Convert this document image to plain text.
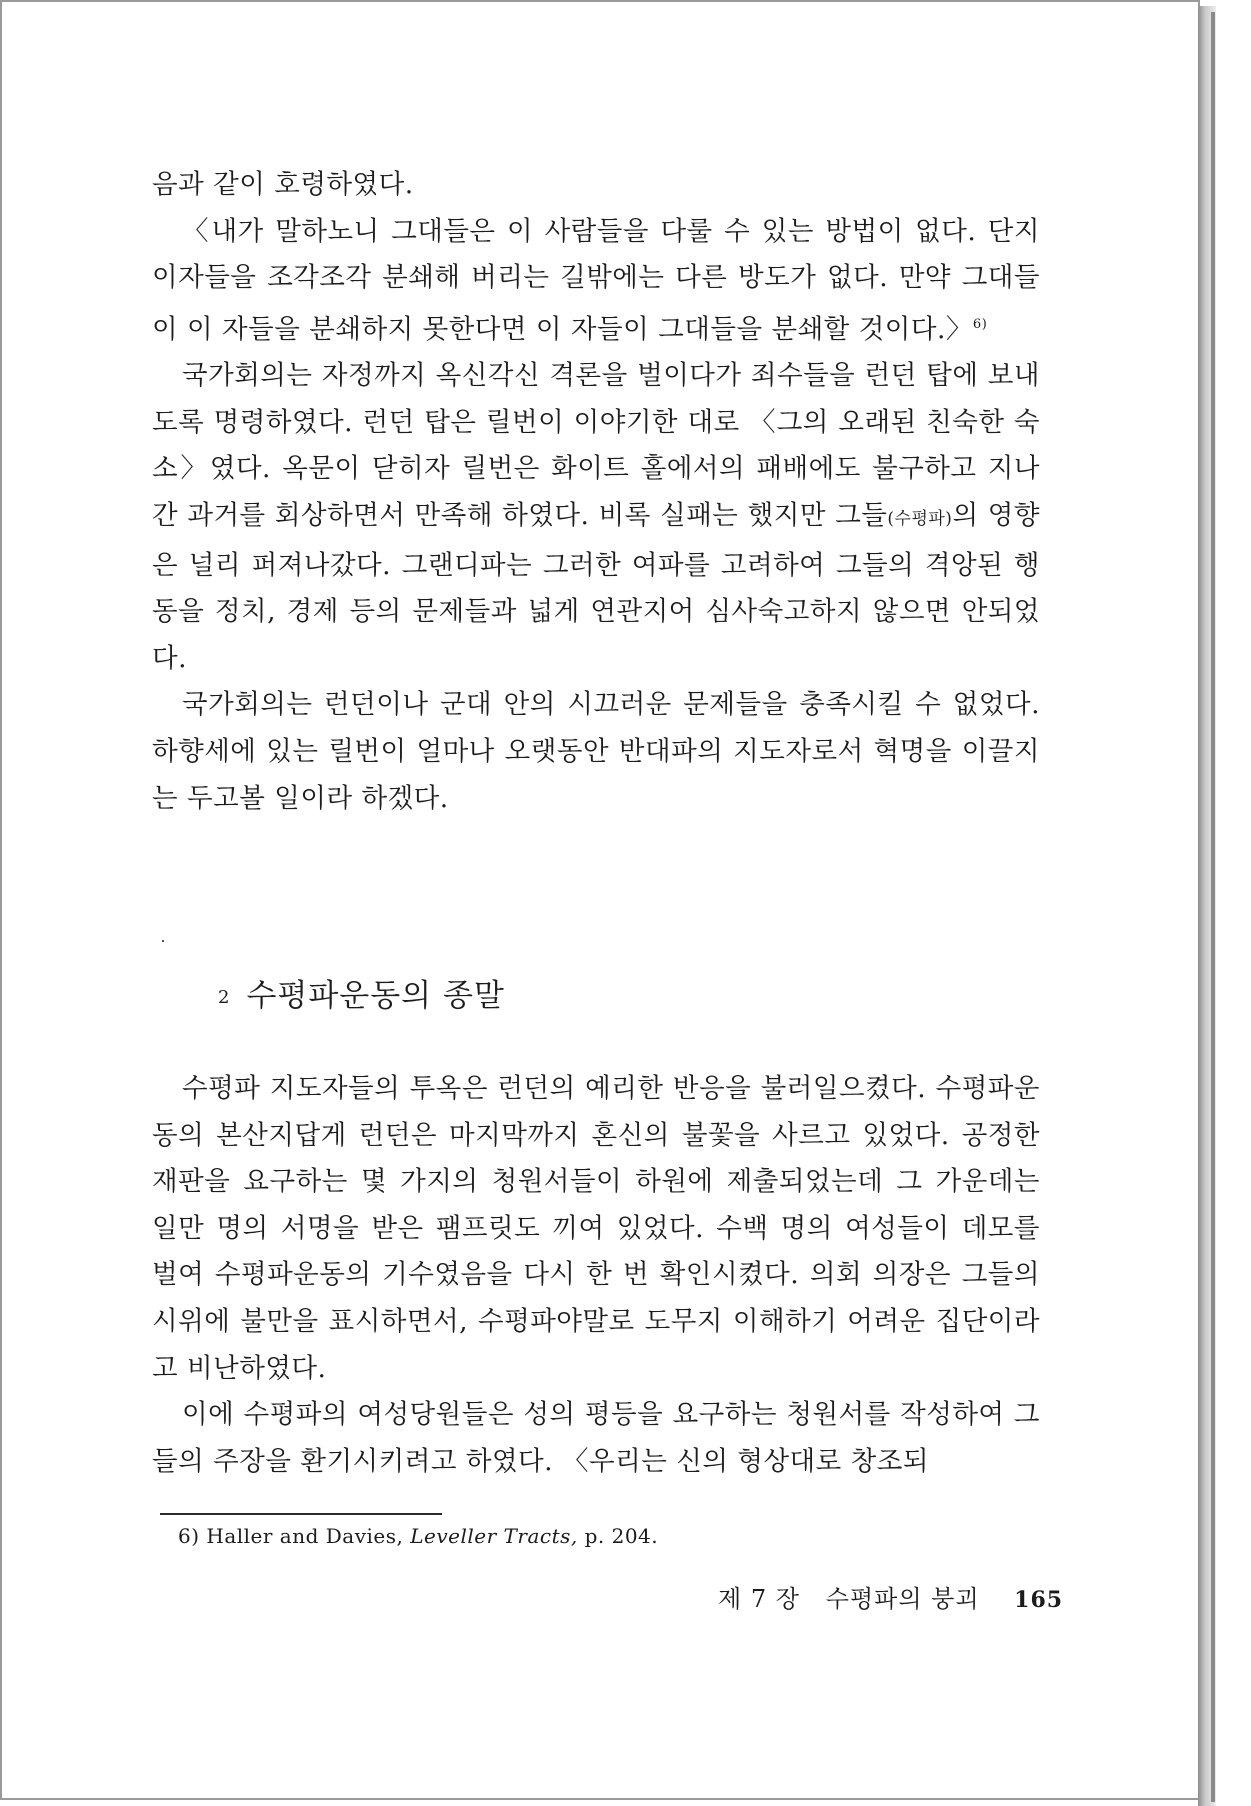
음과 같이 호령하였다.

〈내가 말하노니 그대들은 이 사람들을 다룰 수 있는 방법이 없다. 단지 이자들을 조각조각 분쇄해 버리는 길밖에는 다른 방도가 없다. 만약 그대들이 이 자들을 분쇄하지 못한다면 이 자들이 그대들을 분쇄할 것이다.〉$^{6)}$

국가회의는 자정까지 옥신각신 격론을 벌이다가 죄수들을 런던 탑에 보내도록 명령하였다. 런던 탑은 릴번이 이야기한 대로 〈그의 오래된 친숙한 숙소〉였다. 옥문이 닫히자 릴번은 화이트 홀에서의 패배에도 불구하고 지나간 과거를 회상하면서 만족해 하였다. 비록 실패는 했지만 그들(수평파)의 영향은 널리 퍼져나갔다. 그랜디파는 그러한 여파를 고려하여 그들의 격앙된 행동을 정치, 경제 등의 문제들과 넓게 연관지어 심사숙고하지 않으면 안되었다.

국가회의는 런던이나 군대 안의 시끄러운 문제들을 충족시킬 수 없었다. 하향세에 있는 릴번이 얼마나 오랫동안 반대파의 지도자로서 혁명을 이끌지는 두고볼 일이라 하겠다.

2 수평파운동의 종말

수평파 지도자들의 투옥은 런던의 예리한 반응을 불러일으켰다. 수평파운동의 본산지답게 런던은 마지막까지 혼신의 불꽃을 사르고 있었다. 공정한 재판을 요구하는 몇 가지의 청원서들이 하원에 제출되었는데 그 가운데는 일만 명의 서명을 받은 팸프릿도 끼여 있었다. 수백 명의 여성들이 데모를 벌여 수평파운동의 기수였음을 다시 한 번 확인시켰다. 의회 의장은 그들의 시위에 불만을 표시하면서, 수평파야말로 도무지 이해하기 어려운 집단이라고 비난하였다.

이에 수평파의 여성당원들은 성의 평등을 요구하는 청원서를 작성하여 그들의 주장을 환기시키려고 하였다. 〈우리는 신의 형상대로 창조되

6) Haller and Davies, Leveller Tracts, p. 204.
제 7 장 수평파의 붕괴 165
